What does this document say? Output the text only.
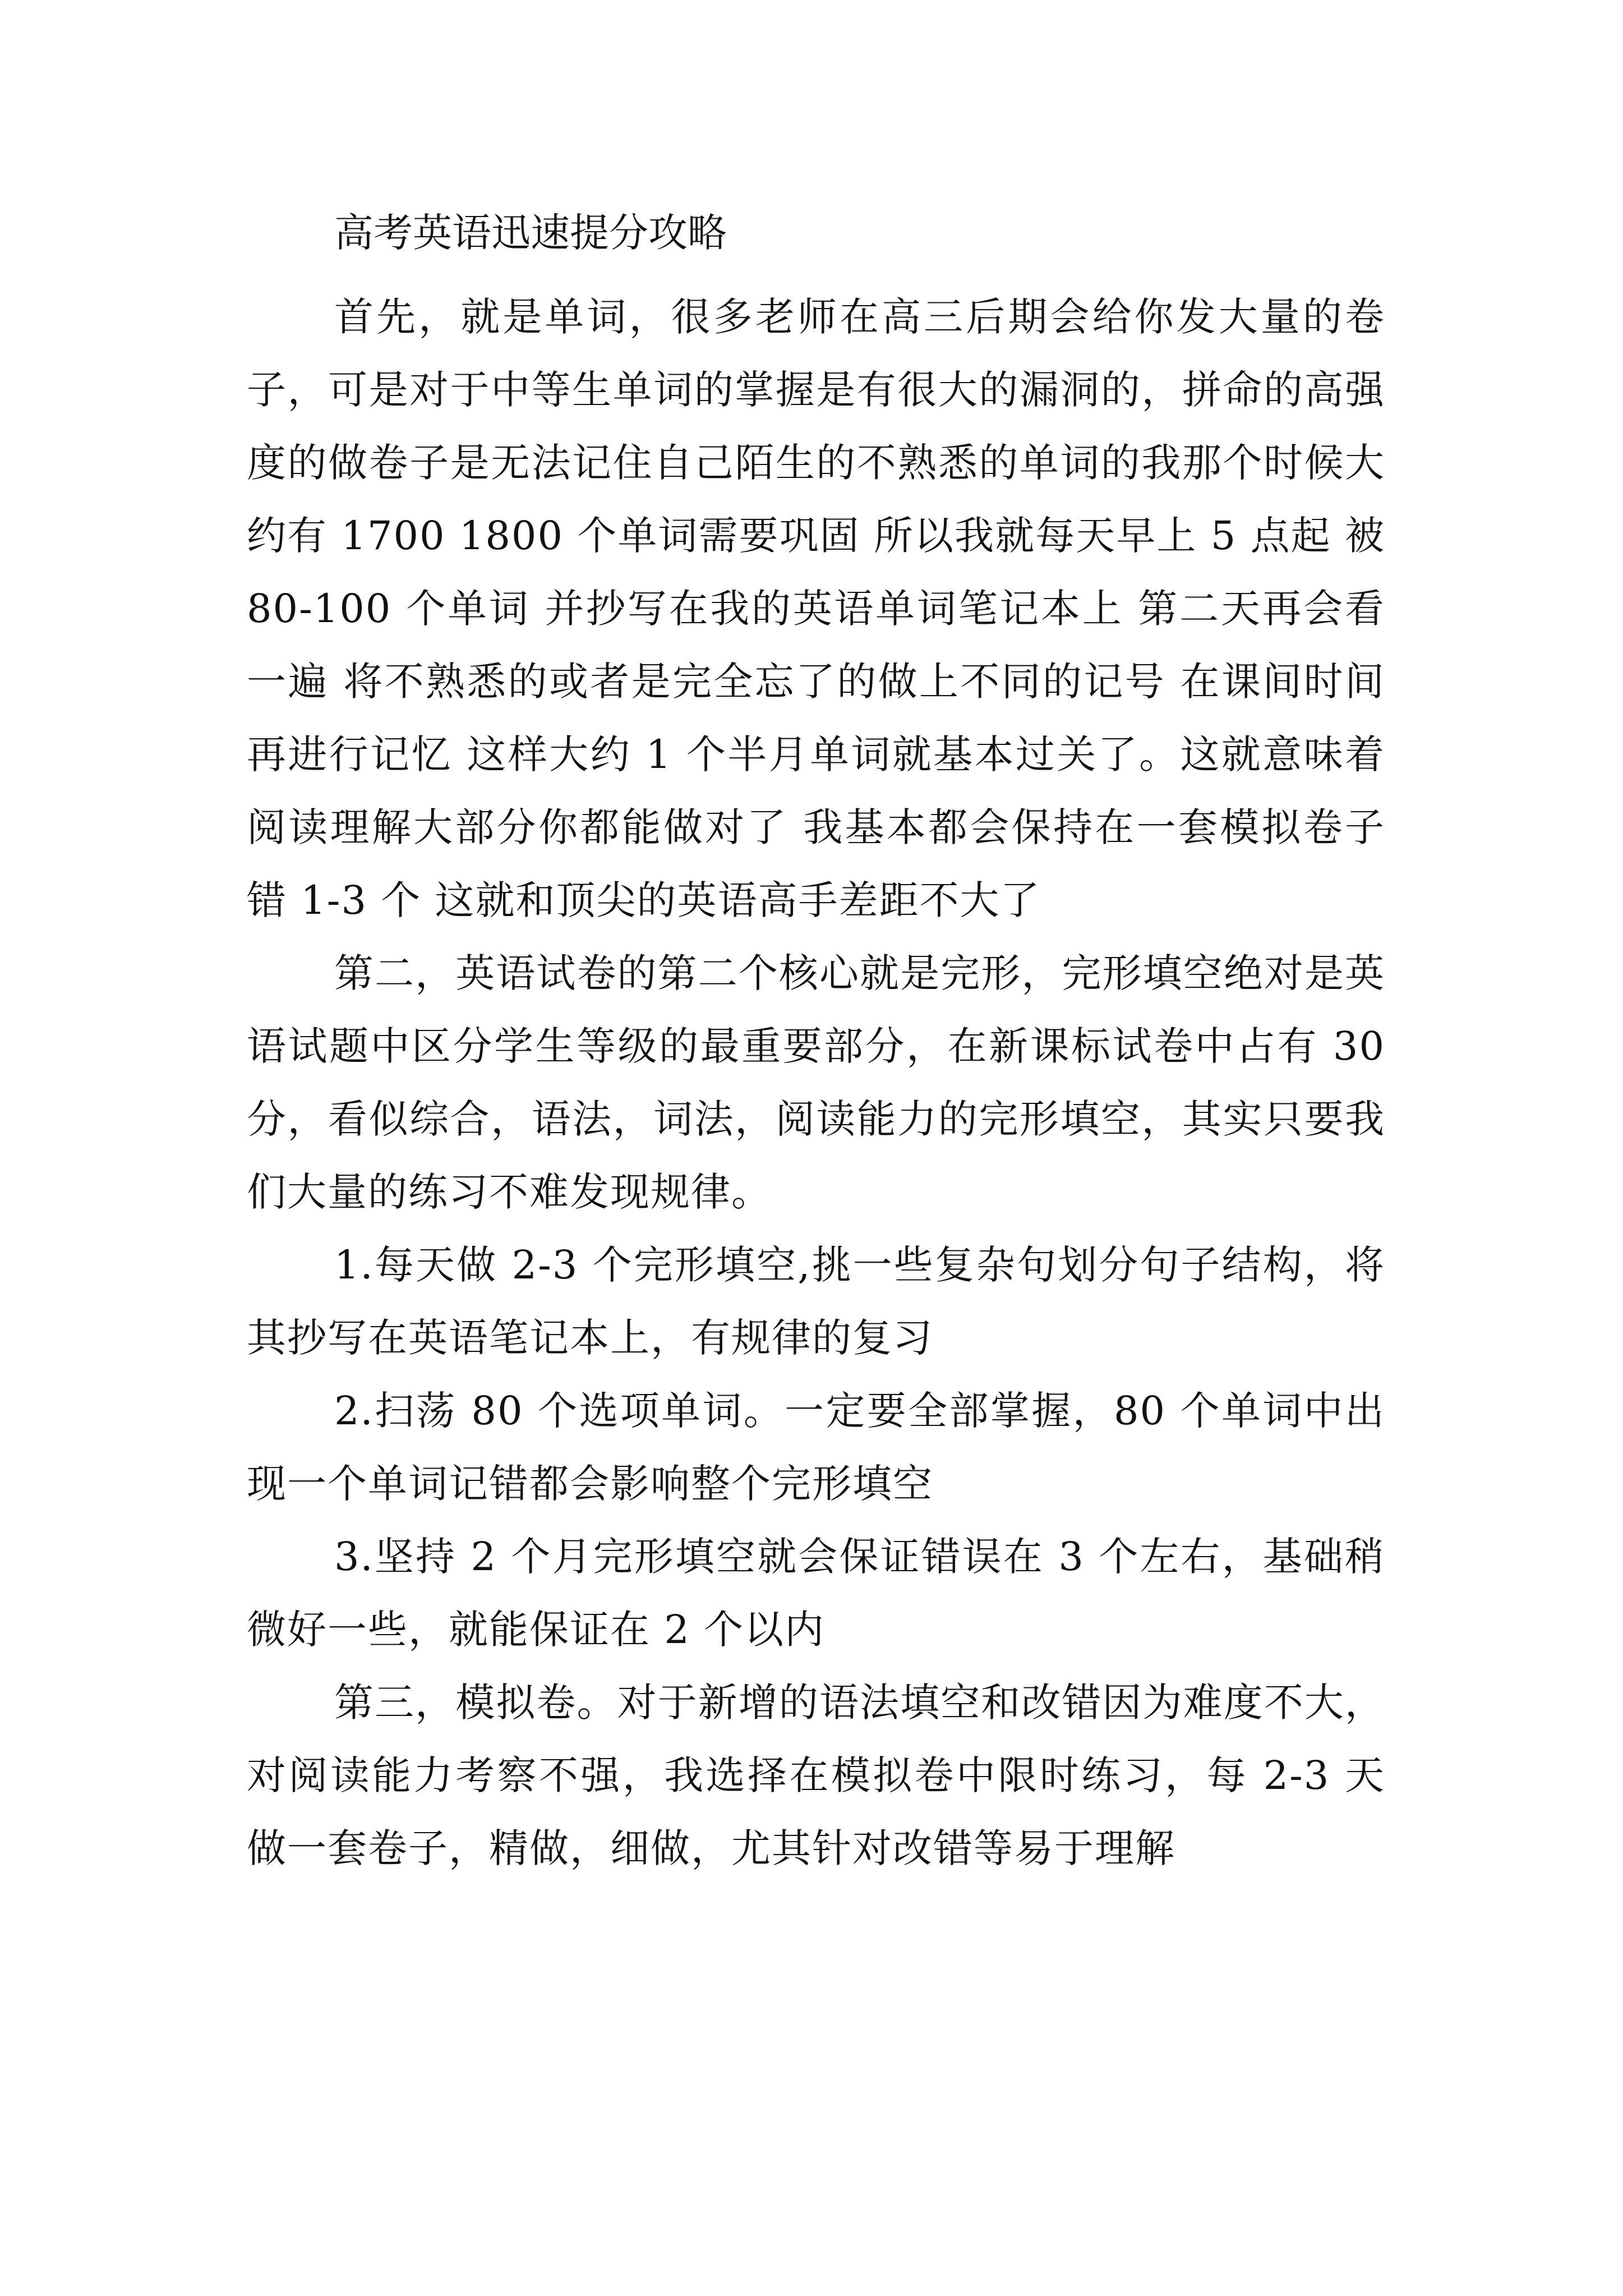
高考英语迅速提分攻略

首先，就是单词，很多老师在高三后期会给你发大量的卷子，可是对于中等生单词的掌握是有很大的漏洞的，拼命的高强度的做卷子是无法记住自己陌生的不熟悉的单词的我那个时候大约有 1700 1800 个单词需要巩固 所以我就每天早上 5 点起 被 80-100 个单词 并抄写在我的英语单词笔记本上 第二天再会看一遍 将不熟悉的或者是完全忘了的做上不同的记号 在课间时间再进行记忆 这样大约 1 个半月单词就基本过关了。这就意味着阅读理解大部分你都能做对了 我基本都会保持在一套模拟卷子错 1-3 个 这就和顶尖的英语高手差距不大了

第二，英语试卷的第二个核心就是完形，完形填空绝对是英语试题中区分学生等级的最重要部分，在新课标试卷中占有 30 分，看似综合，语法，词法，阅读能力的完形填空，其实只要我们大量的练习不难发现规律。

1.每天做 2-3 个完形填空,挑一些复杂句划分句子结构，将其抄写在英语笔记本上，有规律的复习

2.扫荡 80 个选项单词。一定要全部掌握，80 个单词中出现一个单词记错都会影响整个完形填空

3.坚持 2 个月完形填空就会保证错误在 3 个左右，基础稍微好一些，就能保证在 2 个以内

第三，模拟卷。对于新增的语法填空和改错因为难度不大，对阅读能力考察不强，我选择在模拟卷中限时练习，每 2-3 天做一套卷子，精做，细做，尤其针对改错等易于理解
